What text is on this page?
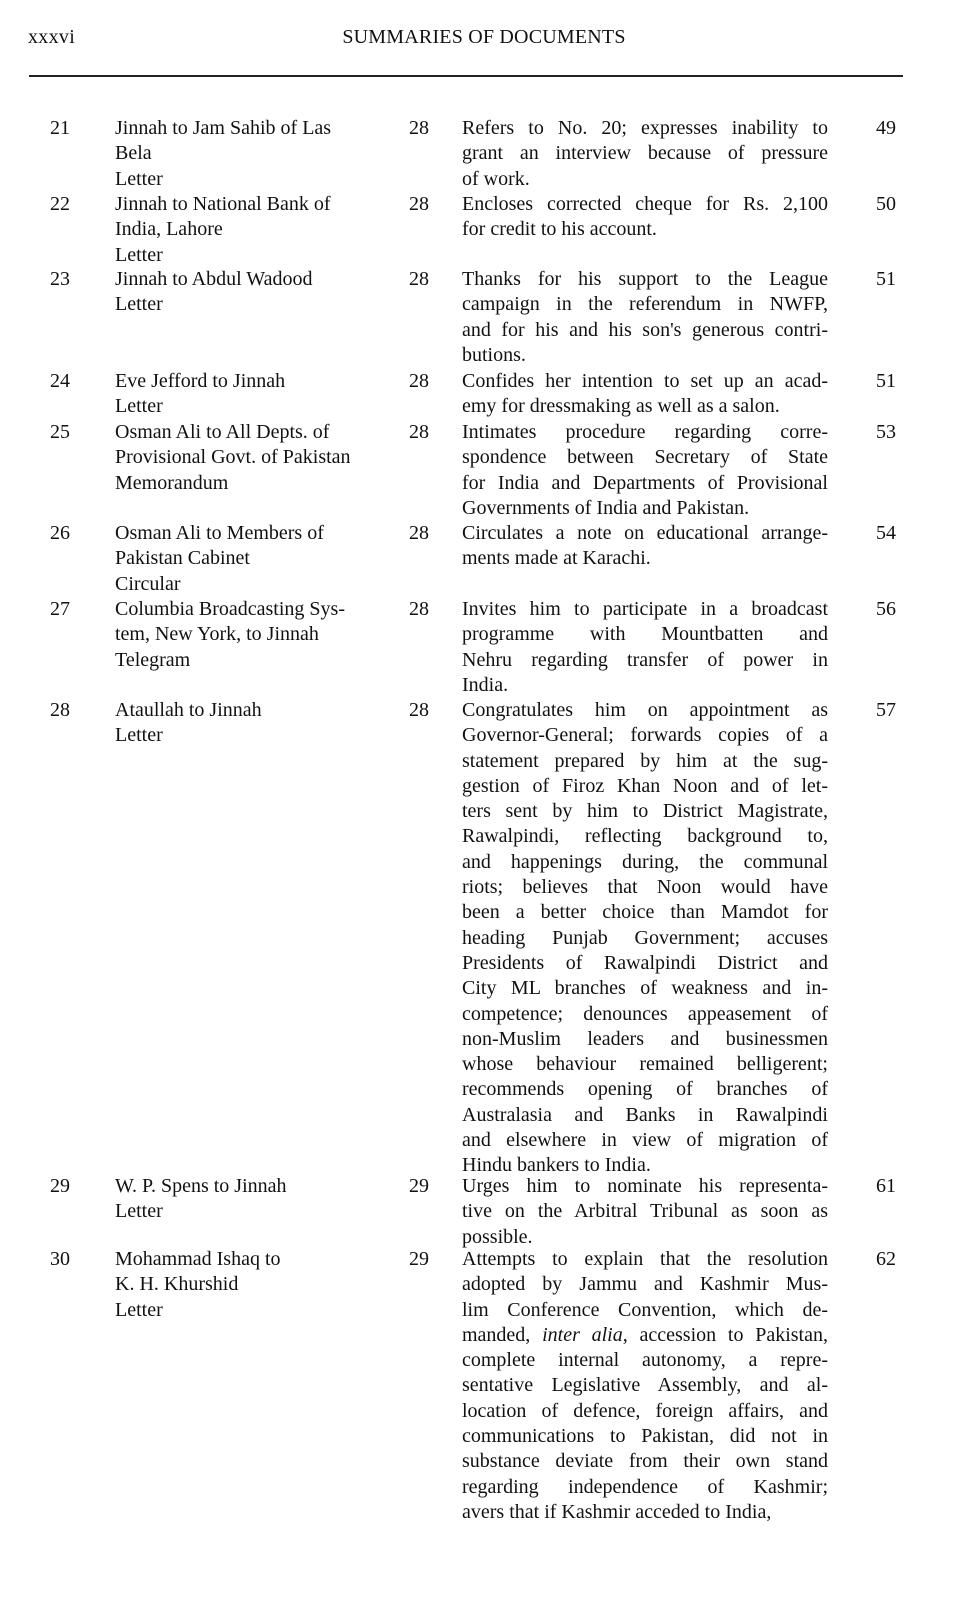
xxxvi	SUMMARIES OF DOCUMENTS
21 Jinnah to Jam Sahib of Las
Bela
Letter
28 Refers to No. 20; expresses inability to
grant an interview because of pressure
of work.
49
22 Jinnah to National Bank of
India, Lahore
Letter
28 Encloses corrected cheque for Rs. 2,100
for credit to his account.
50
23 Jinnah to Abdul Wadood
Letter
28 Thanks for his support to the League
campaign in the referendum in NWFP,
and for his and his son's generous contri-
butions.
51
24 Eve Jefford to Jinnah
Letter
28 Confides her intention to set up an acad-
emy for dressmaking as well as a salon.
51
25 Osman Ali to All Depts. of
Provisional Govt. of Pakistan
Memorandum
28 Intimates procedure regarding corre-
spondence between Secretary of State
for India and Departments of Provisional
Governments of India and Pakistan.
53
26 Osman Ali to Members of
Pakistan Cabinet
Circular
28 Circulates a note on educational arrange-
ments made at Karachi.
54
27 Columbia Broadcasting Sys-
tem, New York, to Jinnah
Telegram
28 Invites him to participate in a broadcast
programme with Mountbatten and
Nehru regarding transfer of power in
India.
56
28 Ataullah to Jinnah
Letter
28 Congratulates him on appointment as
Governor-General; forwards copies of a
statement prepared by him at the sug-
gestion of Firoz Khan Noon and of let-
ters sent by him to District Magistrate,
Rawalpindi, reflecting background to,
and happenings during, the communal
riots; believes that Noon would have
been a better choice than Mamdot for
heading Punjab Government; accuses
Presidents of Rawalpindi District and
City ML branches of weakness and in-
competence; denounces appeasement of
non-Muslim leaders and businessmen
whose behaviour remained belligerent;
recommends opening of branches of
Australasia and Banks in Rawalpindi
and elsewhere in view of migration of
Hindu bankers to India.
57
29 W. P. Spens to Jinnah
Letter
29 Urges him to nominate his representa-
tive on the Arbitral Tribunal as soon as
possible.
61
30 Mohammad Ishaq to
K. H. Khurshid
Letter
29 Attempts to explain that the resolution
adopted by Jammu and Kashmir Mus-
lim Conference Convention, which de-
manded, inter alia, accession to Pakistan,
complete internal autonomy, a repre-
sentative Legislative Assembly, and al-
location of defence, foreign affairs, and
communications to Pakistan, did not in
substance deviate from their own stand
regarding independence of Kashmir;
avers that if Kashmir acceded to India,
62
